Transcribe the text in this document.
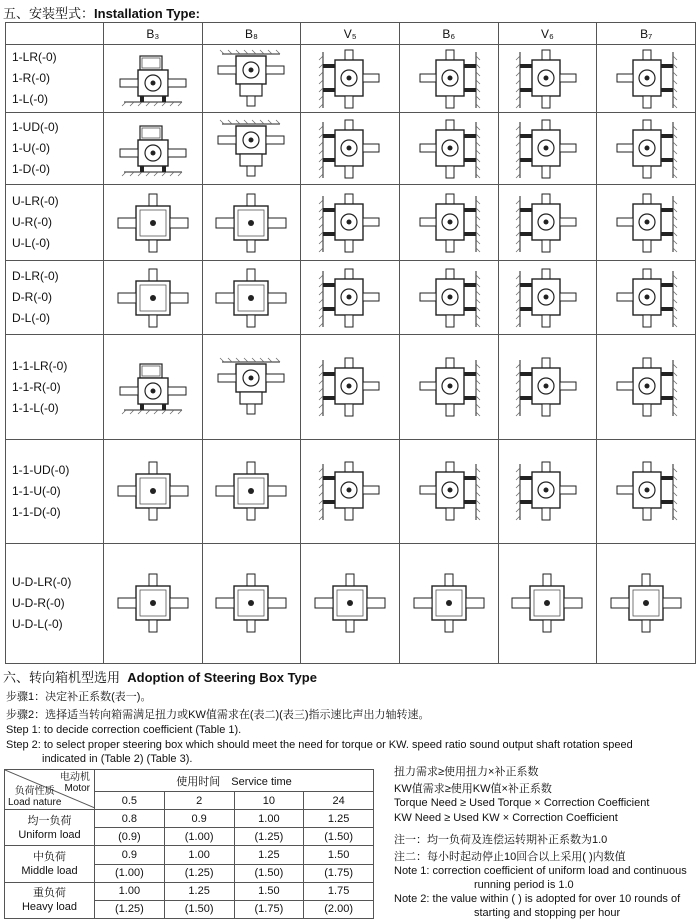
五、安装型式：Installation Type:
	B₃	B₈	V₅	B₆	V₆	B₇

1-LR(-0)
1-R(-0)
1-L(-0)

1-UD(-0)
1-U(-0)
1-D(-0)

U-LR(-0)
U-R(-0)
U-L(-0)

D-LR(-0)
D-R(-0)
D-L(-0)

1-1-LR(-0)
1-1-R(-0)
1-1-L(-0)

1-1-UD(-0)
1-1-U(-0)
1-1-D(-0)

U-D-LR(-0)
U-D-R(-0)
U-D-L(-0)

六、转向箱机型选用 Adoption of Steering Box Type
步骤1：决定补正系数(表一)。
步骤2：选择适当转向箱需满足扭力或KW值需求在(表二)(表三)指示速比声出力轴转速。
Step 1: to decide correction coefficient (Table 1).
Step 2: to select proper steering box which should meet the need for torque or KW. speed ratio sound output shaft rotation speed
indicated in (Table 2) (Table 3).
电动机
Motor
负荷性质
Load nature	使用时间　Service time			
	0.5	2	10	24

均一负荷
Uniform load	0.8	0.9	1.00	1.25
	(0.9)	(1.00)	(1.25)	(1.50)

中负荷
Middle load	0.9	1.00	1.25	1.50
	(1.00)	(1.25)	(1.50)	(1.75)

重负荷
Heavy load	1.00	1.25	1.50	1.75
	(1.25)	(1.50)	(1.75)	(2.00)
扭力需求≥使用扭力×补正系数
KW值需求≥使用KW值×补正系数
Torque Need ≥ Used Torque × Correction Coefficient
KW Need ≥ Used KW × Correction Coefficient
注一：均一负荷及连偿运转期补正系数为1.0
注二：每小时起动停止10回合以上采用( )内数值
Note 1: correction coefficient of uniform load and continuous
running period is 1.0
Note 2: the value within ( ) is adopted for over 10 rounds of
starting and stopping per hour
